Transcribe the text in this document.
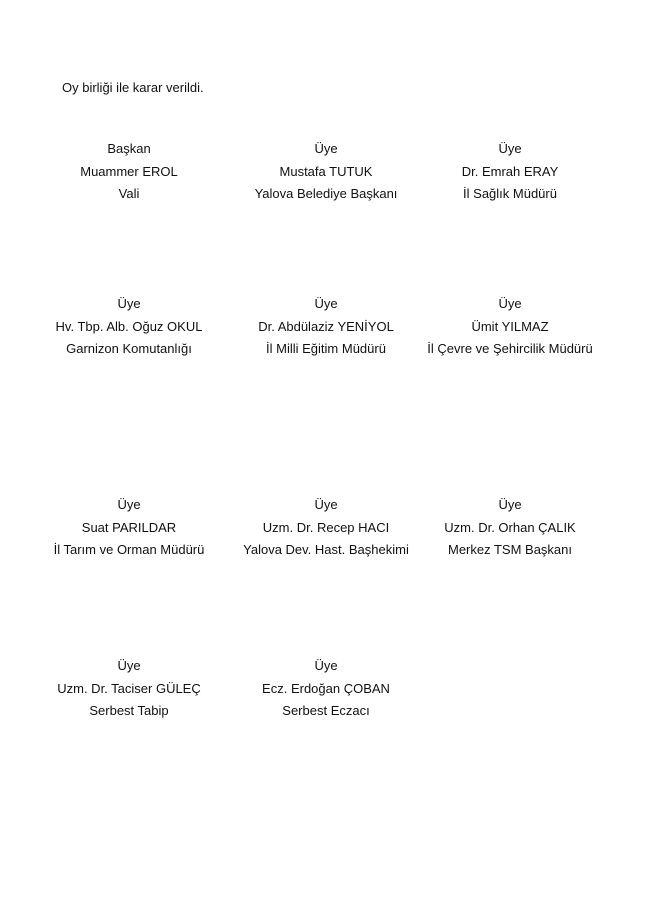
Oy birliği ile karar verildi.
Başkan
Muammer EROL
Vali
Üye
Mustafa TUTUK
Yalova Belediye Başkanı
Üye
Dr. Emrah ERAY
İl Sağlık Müdürü
Üye
Hv. Tbp. Alb. Oğuz OKUL
Garnizon Komutanlığı
Üye
Dr. Abdülaziz YENİYOL
İl Milli Eğitim Müdürü
Üye
Ümit YILMAZ
İl Çevre ve Şehircilik Müdürü
Üye
Suat PARILDAR
İl Tarım ve Orman Müdürü
Üye
Uzm. Dr. Recep HACI
Yalova Dev. Hast. Başhekimi
Üye
Uzm. Dr. Orhan ÇALIK
Merkez TSM Başkanı
Üye
Uzm. Dr. Taciser GÜLEÇ
Serbest Tabip
Üye
Ecz. Erdoğan ÇOBAN
Serbest Eczacı
